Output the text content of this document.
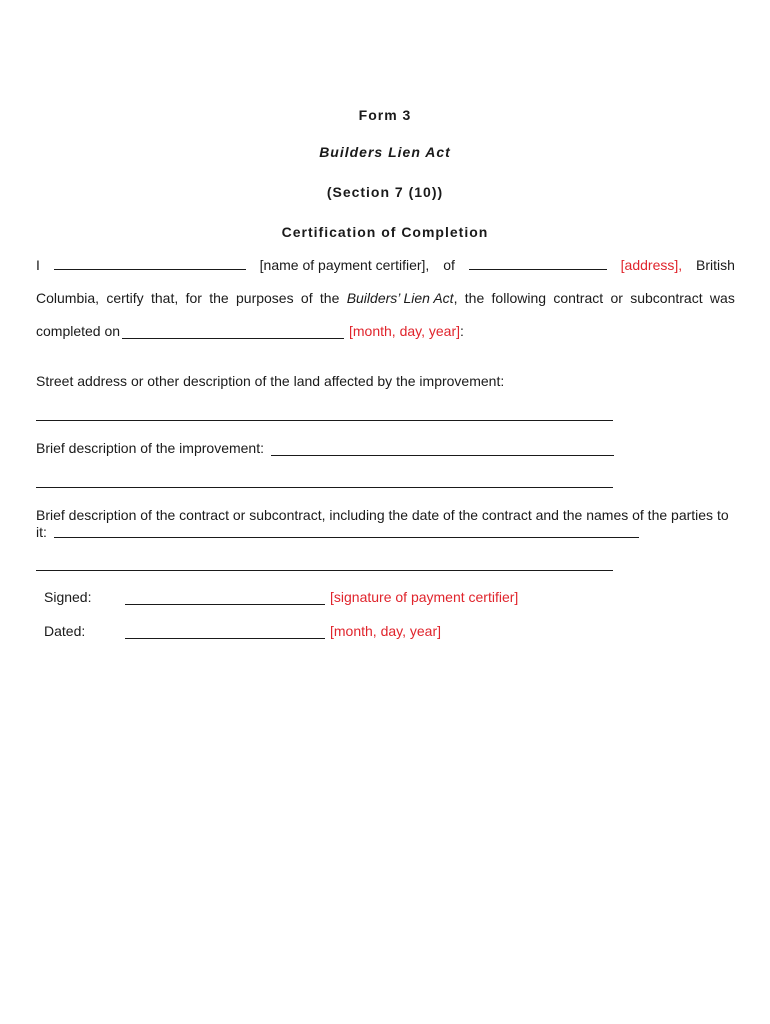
Form 3
Builders Lien Act
(Section 7 (10))
Certification of Completion
I	[name of payment certifier], of	[address], British
Columbia, certify that, for the purposes of the Builders’ Lien Act, the following contract or subcontract was
completed on	[month, day, year]:
Street address or other description of the land affected by the improvement:
Brief description of the improvement:
Brief description of the contract or subcontract, including the date of the contract and the names of the parties to
it:
Signed:	[signature of payment certifier]
Dated:	[month, day, year]
